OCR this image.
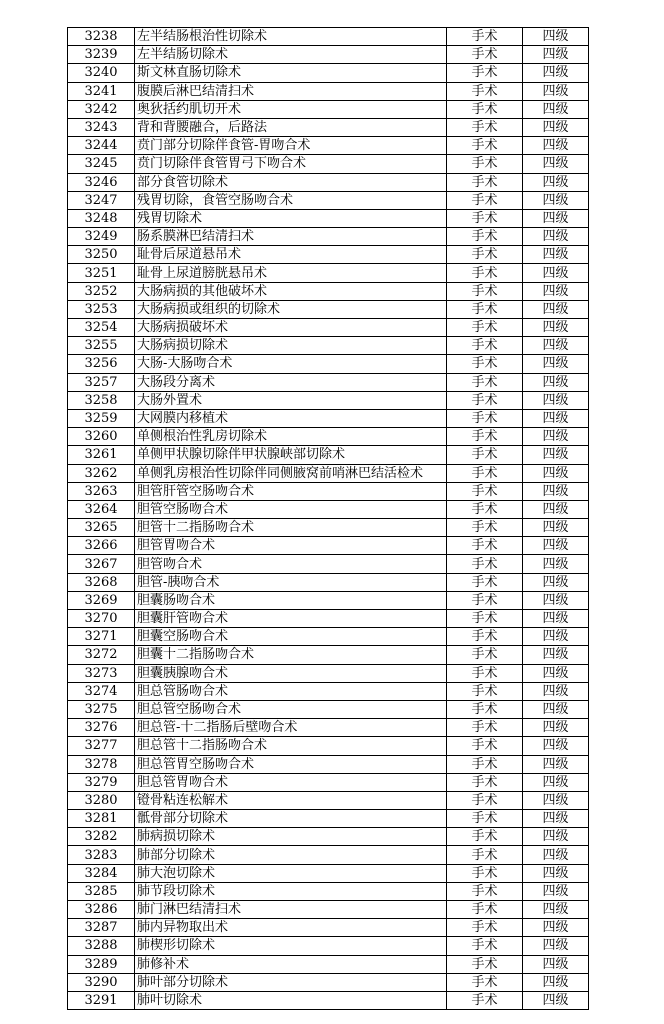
3238	左半结肠根治性切除术	手术	四级
3239	左半结肠切除术	手术	四级
3240	斯文林直肠切除术	手术	四级
3241	腹膜后淋巴结清扫术	手术	四级
3242	奥狄括约肌切开术	手术	四级
3243	背和背腰融合，后路法	手术	四级
3244	贲门部分切除伴食管-胃吻合术	手术	四级
3245	贲门切除伴食管胃弓下吻合术	手术	四级
3246	部分食管切除术	手术	四级
3247	残胃切除，食管空肠吻合术	手术	四级
3248	残胃切除术	手术	四级
3249	肠系膜淋巴结清扫术	手术	四级
3250	耻骨后尿道悬吊术	手术	四级
3251	耻骨上尿道膀胱悬吊术	手术	四级
3252	大肠病损的其他破坏术	手术	四级
3253	大肠病损或组织的切除术	手术	四级
3254	大肠病损破坏术	手术	四级
3255	大肠病损切除术	手术	四级
3256	大肠-大肠吻合术	手术	四级
3257	大肠段分离术	手术	四级
3258	大肠外置术	手术	四级
3259	大网膜内移植术	手术	四级
3260	单侧根治性乳房切除术	手术	四级
3261	单侧甲状腺切除伴甲状腺峡部切除术	手术	四级
3262	单侧乳房根治性切除伴同侧腋窝前哨淋巴结活检术	手术	四级
3263	胆管肝管空肠吻合术	手术	四级
3264	胆管空肠吻合术	手术	四级
3265	胆管十二指肠吻合术	手术	四级
3266	胆管胃吻合术	手术	四级
3267	胆管吻合术	手术	四级
3268	胆管-胰吻合术	手术	四级
3269	胆囊肠吻合术	手术	四级
3270	胆囊肝管吻合术	手术	四级
3271	胆囊空肠吻合术	手术	四级
3272	胆囊十二指肠吻合术	手术	四级
3273	胆囊胰腺吻合术	手术	四级
3274	胆总管肠吻合术	手术	四级
3275	胆总管空肠吻合术	手术	四级
3276	胆总管-十二指肠后壁吻合术	手术	四级
3277	胆总管十二指肠吻合术	手术	四级
3278	胆总管胃空肠吻合术	手术	四级
3279	胆总管胃吻合术	手术	四级
3280	镫骨粘连松解术	手术	四级
3281	骶骨部分切除术	手术	四级
3282	肺病损切除术	手术	四级
3283	肺部分切除术	手术	四级
3284	肺大泡切除术	手术	四级
3285	肺节段切除术	手术	四级
3286	肺门淋巴结清扫术	手术	四级
3287	肺内异物取出术	手术	四级
3288	肺楔形切除术	手术	四级
3289	肺修补术	手术	四级
3290	肺叶部分切除术	手术	四级
3291	肺叶切除术	手术	四级
